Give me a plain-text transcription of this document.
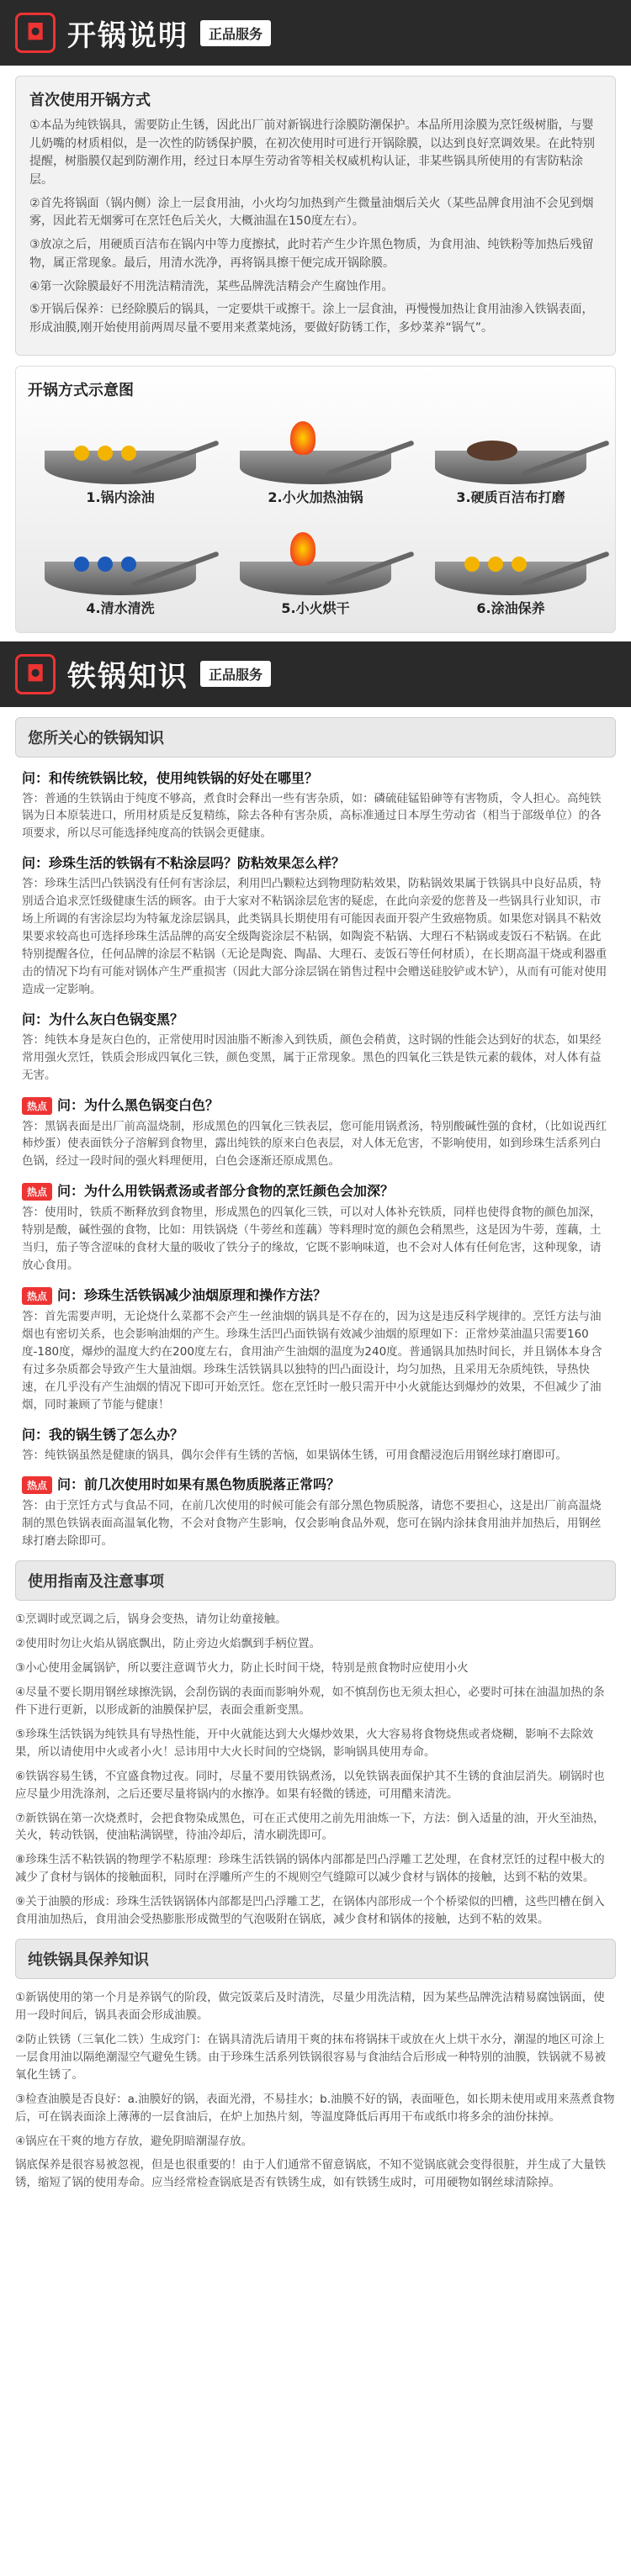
◘ 开锅说明	正品服务
首次使用开锅方式

①本品为纯铁锅具，需要防止生锈，因此出厂前对新锅进行涂膜防潮保护。本品所用涂膜为烹饪级树脂，与婴儿奶嘴的材质相似，是一次性的防锈保护膜，在初次使用时可进行开锅除膜，以达到良好烹调效果。在此特别提醒，树脂膜仅起到防潮作用，经过日本厚生劳动省等相关权威机构认证，非某些锅具所使用的有害防粘涂层。

②首先将锅面（锅内侧）涂上一层食用油，小火均匀加热到产生微量油烟后关火（某些品牌食用油不会见到烟雾，因此若无烟雾可在烹饪色后关火，大概油温在150度左右）。

③放凉之后，用硬质百洁布在锅内中等力度擦拭，此时若产生少许黑色物质，为食用油、纯铁粉等加热后残留物，属正常现象。最后，用清水洗净，再将锅具擦干便完成开锅除膜。

④第一次除膜最好不用洗洁精清洗，某些品牌洗洁精会产生腐蚀作用。

⑤开锅后保养：已经除膜后的锅具，一定要烘干或擦干。涂上一层食油，再慢慢加热让食用油渗入铁锅表面，形成油膜,刚开始使用前两周尽量不要用来煮菜炖汤，要做好防锈工作，多炒菜养“锅气”。

开锅方式示意图
1.锅内涂油	2.小火加热油锅	3.硬质百洁布打磨
4.清水清洗	5.小火烘干	6.涂油保养
◘ 铁锅知识	正品服务
您所关心的铁锅知识
问：和传统铁锅比较，使用纯铁锅的好处在哪里？
答：普通的生铁锅由于纯度不够高，煮食时会释出一些有害杂质，如：磷硫硅锰铅砷等有害物质，令人担心。高纯铁锅为日本原装进口，所用材质是反复精练，除去各种有害杂质，高标准通过日本厚生劳动省（相当于部级单位）的各项要求，所以尽可能选择纯度高的铁锅会更健康。
问：珍珠生活的铁锅有不粘涂层吗？防粘效果怎么样？
答：珍珠生活凹凸铁锅没有任何有害涂层，利用凹凸颗粒达到物理防粘效果，防粘锅效果属于铁锅具中良好品质，特别适合追求烹饪级健康生活的顾客。由于大家对不粘锅涂层危害的疑虑，在此向亲爱的您普及一些锅具行业知识，市场上所调的有害涂层均为特氟龙涂层锅具，此类锅具长期使用有可能因表面开裂产生致癌物质。如果您对锅具不粘效果要求较高也可选择珍珠生活品牌的高安全级陶瓷涂层不粘锅，如陶瓷不粘锅、大理石不粘锅或麦饭石不粘锅。在此特别提醒各位，任何品牌的涂层不粘锅（无论是陶瓷、陶晶、大理石、麦饭石等任何材质），在长期高温干烧或利器重击的情况下均有可能对锅体产生严重损害（因此大部分涂层锅在销售过程中会赠送硅胶铲或木铲），从而有可能对使用造成一定影响。
问：为什么灰白色锅变黑？
答：纯铁本身是灰白色的，正常使用时因油脂不断渗入到铁质，颜色会稍黄，这时锅的性能会达到好的状态，如果经常用强火烹饪，铁质会形成四氧化三铁，颜色变黑，属于正常现象。黑色的四氧化三铁是铁元素的载体，对人体有益无害。
热点 问：为什么黑色锅变白色？
答：黑锅表面是出厂前高温烧制，形成黑色的四氧化三铁表层，您可能用锅煮汤，特别酸碱性强的食材，（比如说西红柿炒蛋）使表面铁分子溶解到食物里，露出纯铁的原来白色表层，对人体无危害，不影响使用，如到珍珠生活系列白色锅，经过一段时间的强火料理便用，白色会逐渐还原成黑色。
热点 问：为什么用铁锅煮汤或者部分食物的烹饪颜色会加深？
答：使用时，铁质不断释放到食物里，形成黑色的四氧化三铁，可以对人体补充铁质，同样也使得食物的颜色加深，特别是酸，碱性强的食物，比如：用铁锅烧（牛蒡丝和莲藕）等料理时宽的颜色会稍黑些，这是因为牛蒡，莲藕，土当归，茄子等含涩味的食材大量的吸收了铁分子的缘故，它既不影响味道，也不会对人体有任何危害，这种现象，请放心食用。
热点 问：珍珠生活铁锅减少油烟原理和操作方法？
答：首先需要声明，无论烧什么菜都不会产生一丝油烟的锅具是不存在的，因为这是违反科学规律的。烹饪方法与油烟也有密切关系，也会影响油烟的产生。珍珠生活凹凸面铁锅有效减少油烟的原理如下：正常炒菜油温只需要160度-180度，爆炒的温度大约在200度左右，食用油产生油烟的温度为240度。普通锅具加热时间长，并且锅体本身含有过多杂质都会导致产生大量油烟。珍珠生活铁锅具以独特的凹凸面设计，均匀加热，且采用无杂质纯铁，导热快速，在几乎没有产生油烟的情况下即可开始烹饪。您在烹饪时一般只需开中小火就能达到爆炒的效果，不但减少了油烟，同时兼顾了节能与健康！
问：我的锅生锈了怎么办？
答：纯铁锅虽然是健康的锅具，偶尔会伴有生锈的苦恼，如果锅体生锈，可用食醋浸泡后用钢丝球打磨即可。
热点 问：前几次使用时如果有黑色物质脱落正常吗？
答：由于烹饪方式与食品不同，在前几次使用的时候可能会有部分黑色物质脱落，请您不要担心，这是出厂前高温烧制的黑色铁锅表面高温氧化物，不会对食物产生影响，仅会影响食品外观，您可在锅内涂抹食用油并加热后，用钢丝球打磨去除即可。
使用指南及注意事项

①烹调时或烹调之后，锅身会变热，请勿让幼童接触。

②使用时勿让火焰从锅底飘出，防止旁边火焰飘到手柄位置。

③小心使用金属锅铲，所以要注意调节火力，防止长时间干烧，特别是煎食物时应使用小火

④尽量不要长期用钢丝球擦洗锅，会刮伤锅的表面而影响外观，如不慎刮伤也无须太担心，必要时可抹在油温加热的条件下进行更新，以形成新的油膜保护层，表面会重新变黑。

⑤珍珠生活铁锅为纯铁具有导热性能，开中火就能达到大火爆炒效果，火大容易将食物烧焦或者烧糊，影响不去除效果，所以请使用中火或者小火！忌讳用中大火长时间的空烧锅，影响锅具使用寿命。

⑥铁锅容易生锈，不宜盛食物过夜。同时，尽量不要用铁锅煮汤，以免铁锅表面保护其不生锈的食油层消失。刷锅时也应尽量少用洗涤剂，之后还要尽量将锅内的水擦净。如果有轻微的锈迹，可用醋来清洗。

⑦新铁锅在第一次烧煮时，会把食物染成黑色，可在正式使用之前先用油炼一下，方法：倒入适量的油，开火至油热，关火，转动铁锅，使油粘满锅壁，待油冷却后，清水刷洗即可。

⑧珍珠生活不粘铁锅的物理学不粘原理：珍珠生活铁锅的锅体内部都是凹凸浮雕工艺处理，在食材烹饪的过程中极大的减少了食材与锅体的接触面积，同时在浮雕所产生的不规则空气缝隙可以减少食材与锅体的接触，达到不粘的效果。

⑨关于油膜的形成：珍珠生活铁锅锅体内部都是凹凸浮雕工艺，在锅体内部形成一个个桥梁似的凹槽，这些凹槽在倒入食用油加热后，食用油会受热膨胀形成微型的气泡吸附在锅底，减少食材和锅体的接触，达到不粘的效果。

纯铁锅具保养知识

①新锅使用的第一个月是养锅气的阶段，做完饭菜后及时清洗，尽量少用洗洁精，因为某些品牌洗洁精易腐蚀锅面，使用一段时间后，锅具表面会形成油膜。

②防止铁锈（三氧化二铁）生成窍门：在锅具清洗后请用干爽的抹布将锅抹干或放在火上烘干水分，潮湿的地区可涂上一层食用油以隔绝潮湿空气避免生锈。由于珍珠生活系列铁锅很容易与食油结合后形成一种特别的油膜，铁锅就不易被氧化生锈了。

③检查油膜是否良好：a.油膜好的锅，表面光滑，不易挂水；b.油膜不好的锅，表面哑色，如长期未使用或用来蒸煮食物后，可在锅表面涂上薄薄的一层食油后，在炉上加热片刻，等温度降低后再用干布或纸巾将多余的油份抹掉。

④锅应在干爽的地方存放，避免阴暗潮湿存放。

锅底保养是很容易被忽视，但是也很重要的！由于人们通常不留意锅底，不知不觉锅底就会变得很脏，并生成了大量铁锈，缩短了锅的使用寿命。应当经常检查锅底是否有铁锈生成，如有铁锈生成时，可用硬物如钢丝球清除掉。
